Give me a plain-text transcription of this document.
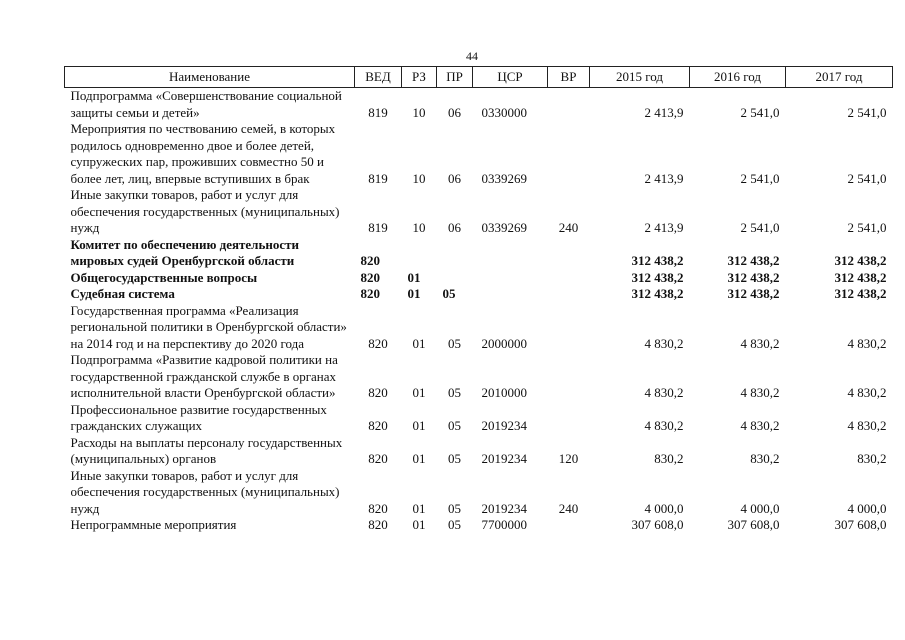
44
Наименование	ВЕД	РЗ	ПР	ЦСР	ВР	2015 год	2016 год	2017 год
Подпрограмма «Совершенствование социальной защиты семьи и детей»	819	10	06	0330000		2 413,9	2 541,0	2 541,0
Мероприятия по чествованию семей, в которых родилось одновременно двое и более детей, супружеских пар, проживших совместно 50 и более лет, лиц, впервые вступивших в брак	819	10	06	0339269		2 413,9	2 541,0	2 541,0
Иные закупки товаров, работ и услуг для обеспечения государственных (муниципальных) нужд	819	10	06	0339269	240	2 413,9	2 541,0	2 541,0
Комитет по обеспечению деятельности мировых судей Оренбургской области	820					312 438,2	312 438,2	312 438,2
Общегосударственные вопросы	820	01				312 438,2	312 438,2	312 438,2
Судебная система	820	01	05			312 438,2	312 438,2	312 438,2
Государственная программа «Реализация региональной политики в Оренбургской области» на 2014 год и на перспективу до 2020 года	820	01	05	2000000		4 830,2	4 830,2	4 830,2
Подпрограмма «Развитие кадровой политики на государственной гражданской службе в органах исполнительной власти Оренбургской области»	820	01	05	2010000		4 830,2	4 830,2	4 830,2
Профессиональное развитие государственных гражданских служащих	820	01	05	2019234		4 830,2	4 830,2	4 830,2
Расходы на выплаты персоналу государственных (муниципальных) органов	820	01	05	2019234	120	830,2	830,2	830,2
Иные закупки товаров, работ и услуг для обеспечения государственных (муниципальных) нужд	820	01	05	2019234	240	4 000,0	4 000,0	4 000,0
Непрограммные мероприятия	820	01	05	7700000		307 608,0	307 608,0	307 608,0
